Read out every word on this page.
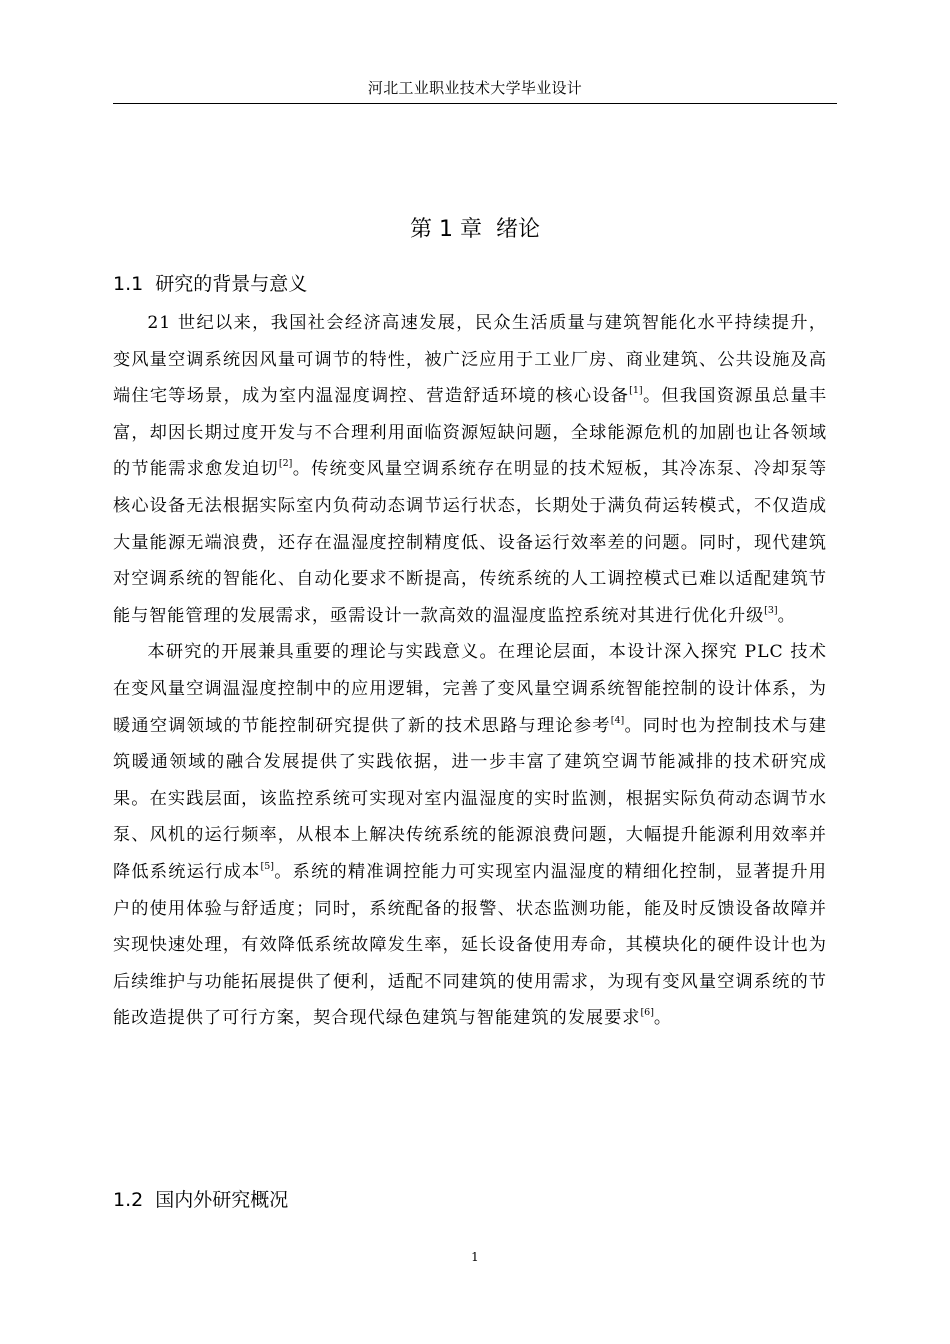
河北工业职业技术大学毕业设计
第 1 章  绪论
1.1  研究的背景与意义

21 世纪以来，我国社会经济高速发展，民众生活质量与建筑智能化水平持续提升，变风量空调系统因风量可调节的特性，被广泛应用于工业厂房、商业建筑、公共设施及高端住宅等场景，成为室内温湿度调控、营造舒适环境的核心设备[1]。但我国资源虽总量丰富，却因长期过度开发与不合理利用面临资源短缺问题，全球能源危机的加剧也让各领域的节能需求愈发迫切[2]。传统变风量空调系统存在明显的技术短板，其冷冻泵、冷却泵等核心设备无法根据实际室内负荷动态调节运行状态，长期处于满负荷运转模式，不仅造成大量能源无端浪费，还存在温湿度控制精度低、设备运行效率差的问题。同时，现代建筑对空调系统的智能化、自动化要求不断提高，传统系统的人工调控模式已难以适配建筑节能与智能管理的发展需求，亟需设计一款高效的温湿度监控系统对其进行优化升级[3]。

本研究的开展兼具重要的理论与实践意义。在理论层面，本设计深入探究 PLC 技术在变风量空调温湿度控制中的应用逻辑，完善了变风量空调系统智能控制的设计体系，为暖通空调领域的节能控制研究提供了新的技术思路与理论参考[4]。同时也为控制技术与建筑暖通领域的融合发展提供了实践依据，进一步丰富了建筑空调节能减排的技术研究成果。在实践层面，该监控系统可实现对室内温湿度的实时监测，根据实际负荷动态调节水泵、风机的运行频率，从根本上解决传统系统的能源浪费问题，大幅提升能源利用效率并降低系统运行成本[5]。系统的精准调控能力可实现室内温湿度的精细化控制，显著提升用户的使用体验与舒适度；同时，系统配备的报警、状态监测功能，能及时反馈设备故障并实现快速处理，有效降低系统故障发生率，延长设备使用寿命，其模块化的硬件设计也为后续维护与功能拓展提供了便利，适配不同建筑的使用需求，为现有变风量空调系统的节能改造提供了可行方案，契合现代绿色建筑与智能建筑的发展要求[6]。

1.2  国内外研究概况
1
